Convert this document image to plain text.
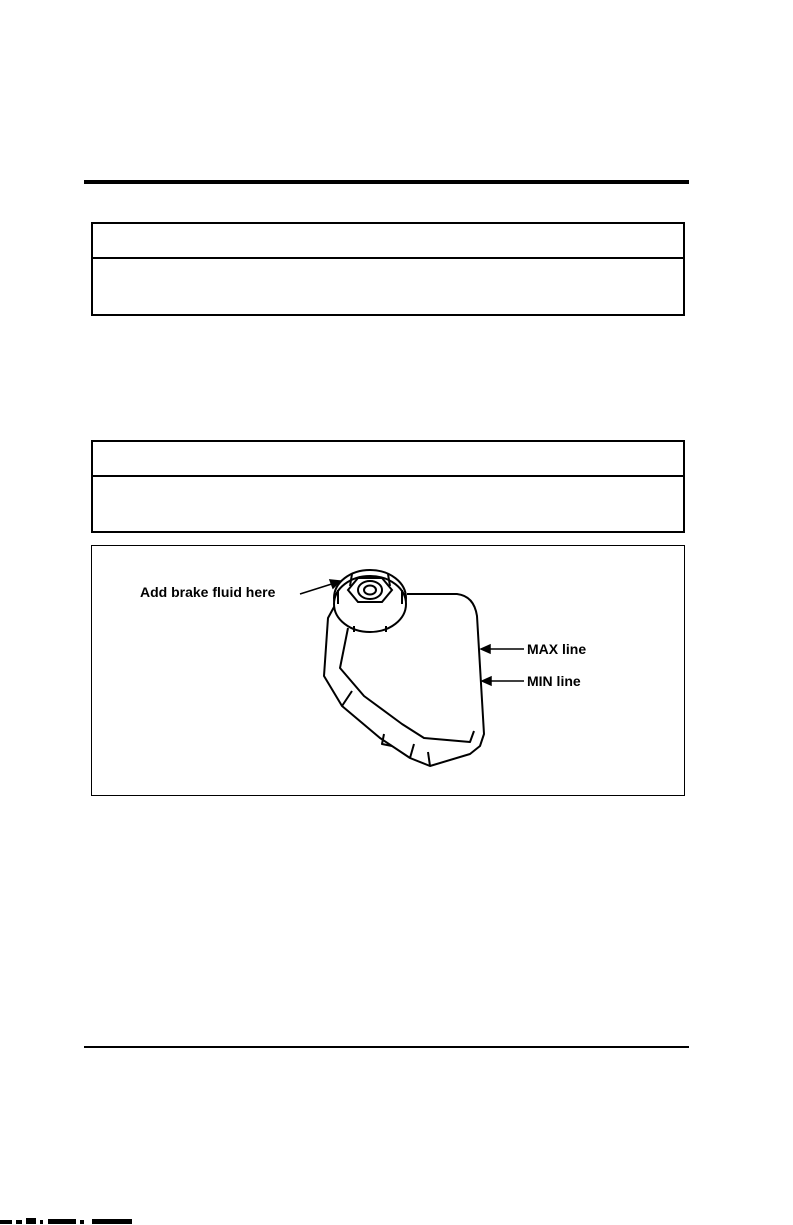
Add brake fluid here
MAX line
MIN line
